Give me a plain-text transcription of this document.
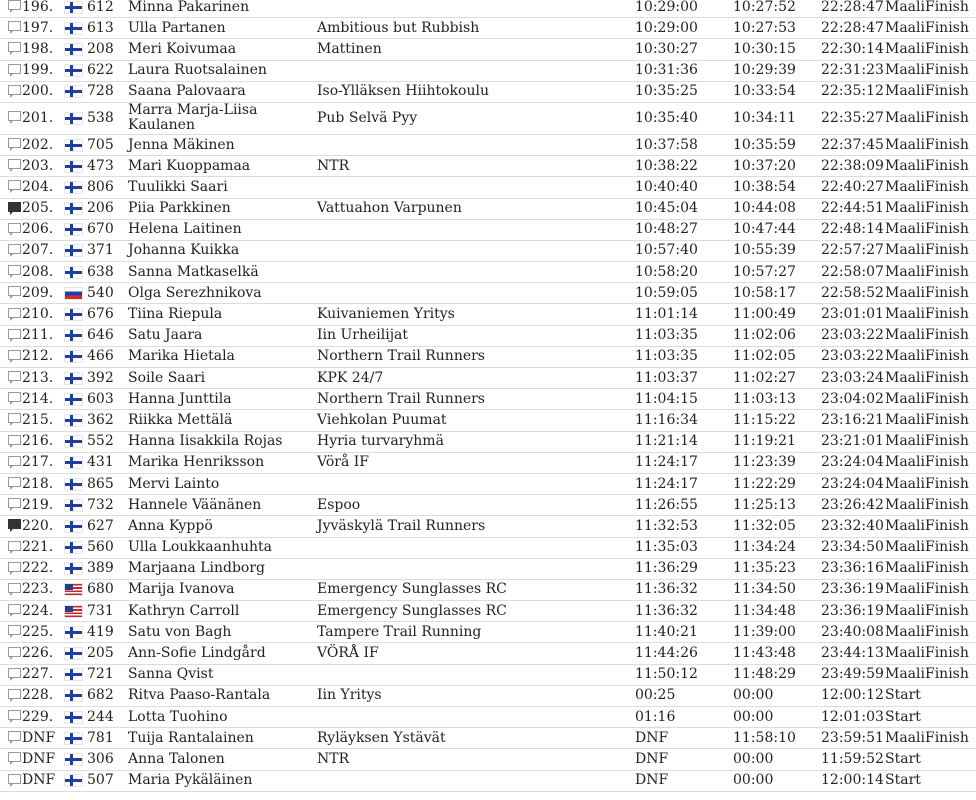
196. 612 Minna Pakarinen	10:29:00	10:27:52 22:28:47 MaaliFinish
197. 613 Ulla Partanen	Ambitious but Rubbish	10:29:00	10:27:53 22:28:47 MaaliFinish
198. 208 Meri Koivumaa	Mattinen	10:30:27	10:30:15 22:30:14 MaaliFinish
199. 622 Laura Ruotsalainen	10:31:36	10:29:39 22:31:23 MaaliFinish
200. 728 Saana Palovaara	Iso-Ylläksen Hiihtokoulu	10:35:25	10:33:54 22:35:12 MaaliFinish
201. 538 Marra Marja-Liisa Kaulanen	Pub Selvä Pyy	10:35:40	10:34:11 22:35:27 MaaliFinish
202. 705 Jenna Mäkinen	10:37:58	10:35:59 22:37:45 MaaliFinish
203. 473 Mari Kuoppamaa	NTR	10:38:22	10:37:20 22:38:09 MaaliFinish
204. 806 Tuulikki Saari	10:40:40	10:38:54 22:40:27 MaaliFinish
205. 206 Piia Parkkinen	Vattuahon Varpunen	10:45:04	10:44:08 22:44:51 MaaliFinish
206. 670 Helena Laitinen	10:48:27	10:47:44 22:48:14 MaaliFinish
207. 371 Johanna Kuikka	10:57:40	10:55:39 22:57:27 MaaliFinish
208. 638 Sanna Matkaselkä	10:58:20	10:57:27 22:58:07 MaaliFinish
209. 540 Olga Serezhnikova	10:59:05	10:58:17 22:58:52 MaaliFinish
210. 676 Tiina Riepula	Kuivaniemen Yritys	11:01:14	11:00:49 23:01:01 MaaliFinish
211. 646 Satu Jaara	Iin Urheilijat	11:03:35	11:02:06 23:03:22 MaaliFinish
212. 466 Marika Hietala	Northern Trail Runners	11:03:35	11:02:05 23:03:22 MaaliFinish
213. 392 Soile Saari	KPK 24/7	11:03:37	11:02:27 23:03:24 MaaliFinish
214. 603 Hanna Junttila	Northern Trail Runners	11:04:15	11:03:13 23:04:02 MaaliFinish
215. 362 Riikka Mettälä	Viehkolan Puumat	11:16:34	11:15:22 23:16:21 MaaliFinish
216. 552 Hanna Iisakkila Rojas	Hyria turvaryhmä	11:21:14	11:19:21 23:21:01 MaaliFinish
217. 431 Marika Henriksson	Vörå IF	11:24:17	11:23:39 23:24:04 MaaliFinish
218. 865 Mervi Lainto	11:24:17	11:22:29 23:24:04 MaaliFinish
219. 732 Hannele Väänänen	Espoo	11:26:55	11:25:13 23:26:42 MaaliFinish
220. 627 Anna Kyppö	Jyväskylä Trail Runners	11:32:53	11:32:05 23:32:40 MaaliFinish
221. 560 Ulla Loukkaanhuhta	11:35:03	11:34:24 23:34:50 MaaliFinish
222. 389 Marjaana Lindborg	11:36:29	11:35:23 23:36:16 MaaliFinish
223. 680 Marija Ivanova	Emergency Sunglasses RC	11:36:32	11:34:50 23:36:19 MaaliFinish
224. 731 Kathryn Carroll	Emergency Sunglasses RC	11:36:32	11:34:48 23:36:19 MaaliFinish
225. 419 Satu von Bagh	Tampere Trail Running	11:40:21	11:39:00 23:40:08 MaaliFinish
226. 205 Ann-Sofie Lindgård	VÖRÅ IF	11:44:26	11:43:48 23:44:13 MaaliFinish
227. 721 Sanna Qvist	11:50:12	11:48:29 23:49:59 MaaliFinish
228. 682 Ritva Paaso-Rantala	Iin Yritys	00:25	00:00	12:00:12 Start
229. 244 Lotta Tuohino	01:16	00:00	12:01:03 Start
DNF 781 Tuija Rantalainen	Ryläyksen Ystävät	DNF	11:58:10 23:59:51 MaaliFinish
DNF 306 Anna Talonen	NTR	DNF	00:00	11:59:52 Start
DNF 507 Maria Pykäläinen	DNF	00:00	12:00:14 Start
